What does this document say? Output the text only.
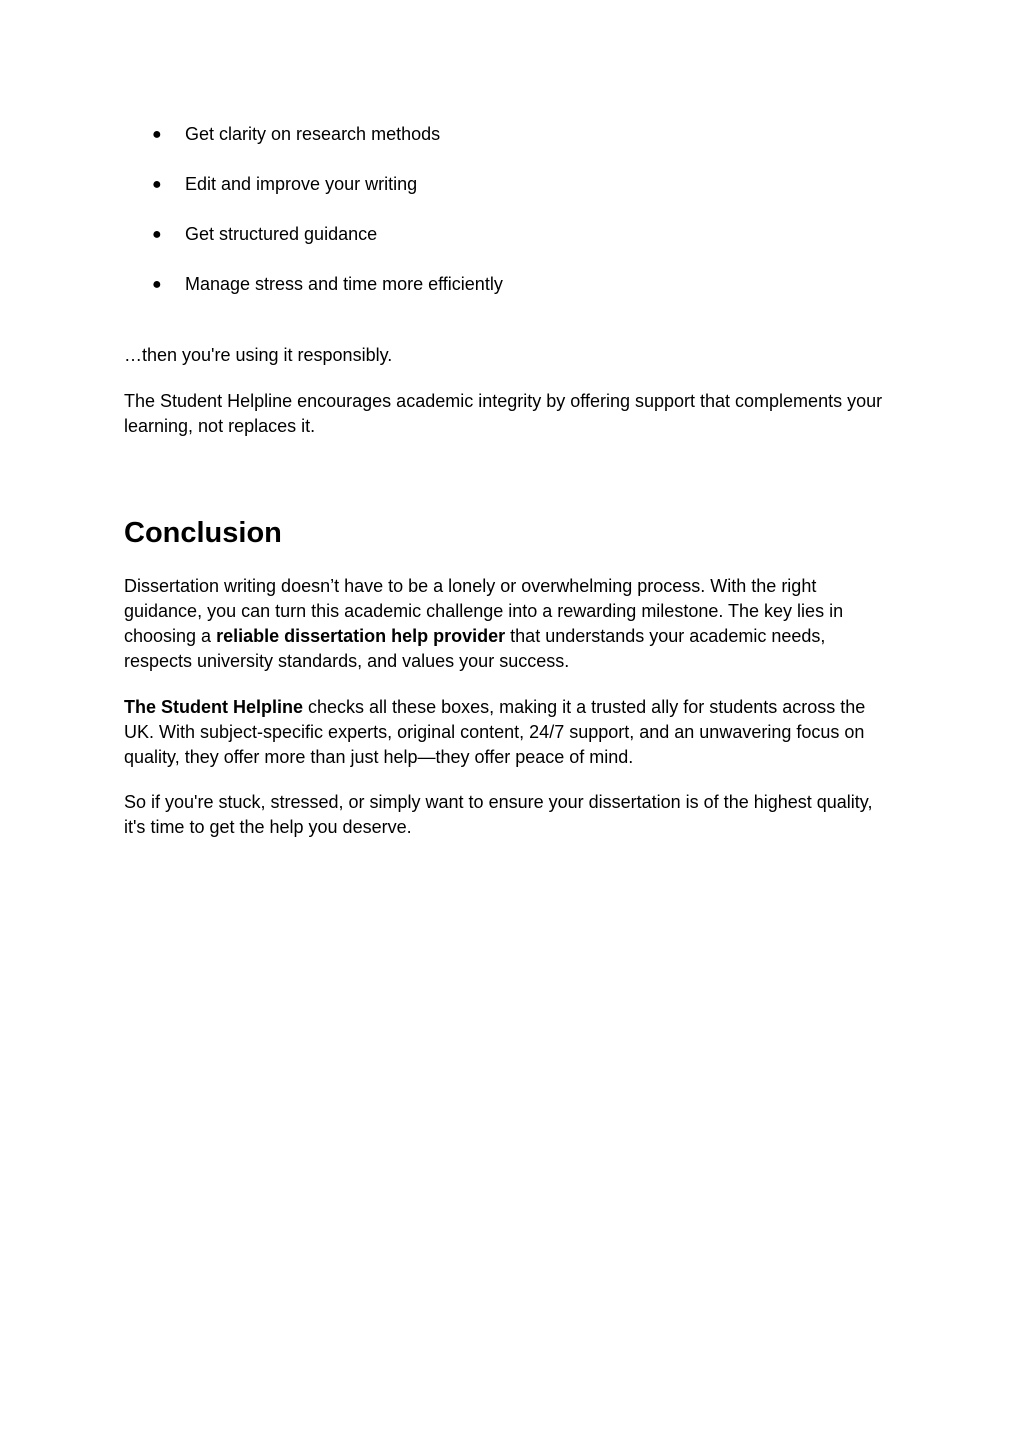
● Get clarity on research methods
● Edit and improve your writing
● Get structured guidance
● Manage stress and time more efficiently

…then you're using it responsibly.

The Student Helpline encourages academic integrity by offering support that complements your learning, not replaces it.

Conclusion

Dissertation writing doesn’t have to be a lonely or overwhelming process. With the right guidance, you can turn this academic challenge into a rewarding milestone. The key lies in choosing a reliable dissertation help provider that understands your academic needs, respects university standards, and values your success.

The Student Helpline checks all these boxes, making it a trusted ally for students across the UK. With subject-specific experts, original content, 24/7 support, and an unwavering focus on quality, they offer more than just help—they offer peace of mind.

So if you're stuck, stressed, or simply want to ensure your dissertation is of the highest quality, it's time to get the help you deserve.
